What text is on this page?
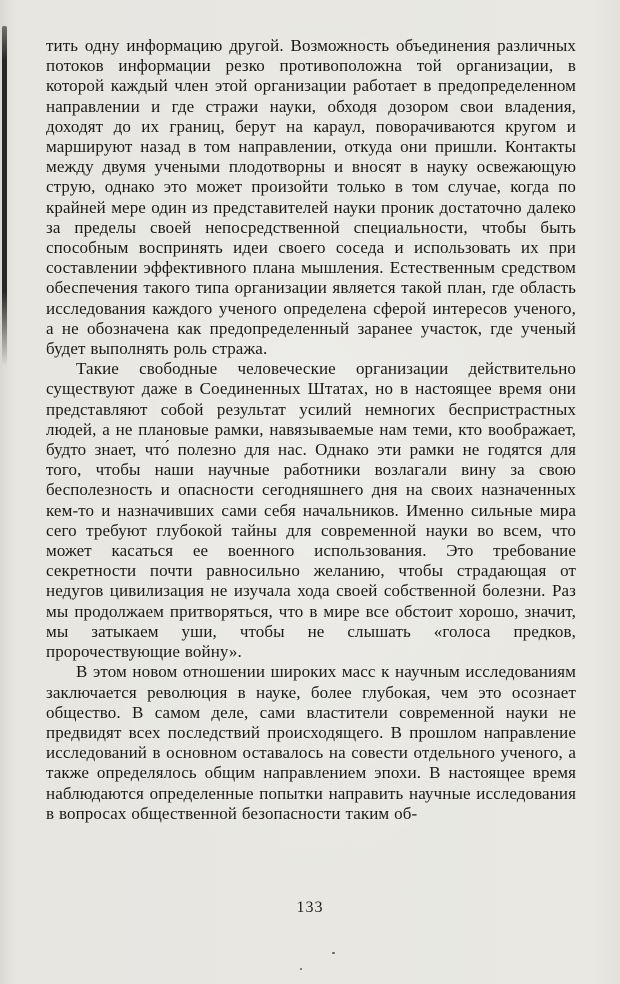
тить одну информацию другой. Возможность объединения различных потоков информации резко противоположна той организации, в которой каждый член этой организации работает в предопределенном направлении и где стражи науки, обходя дозором свои владения, доходят до их границ, берут на караул, поворачиваются кругом и маршируют назад в том направлении, откуда они пришли. Контакты между двумя учеными плодотворны и вносят в науку освежающую струю, однако это может произойти только в том случае, когда по крайней мере один из представителей науки проник достаточно далеко за пределы своей непосредственной специальности, чтобы быть способным воспринять идеи своего соседа и использовать их при составлении эффективного плана мышления. Естественным средством обеспечения такого типа организации является такой план, где область исследования каждого ученого определена сферой интересов ученого, а не обозначена как предопределенный заранее участок, где ученый будет выполнять роль стража.

Такие свободные человеческие организации действительно существуют даже в Соединенных Штатах, но в настоящее время они представляют собой результат усилий немногих беспристрастных людей, а не плановые рамки, навязываемые нам теми, кто воображает, будто знает, что́ полезно для нас. Однако эти рамки не годятся для того, чтобы наши научные работники возлагали вину за свою бесполезность и опасности сегодняшнего дня на своих назначенных кем-то и назначивших сами себя начальников. Именно сильные мира сего требуют глубокой тайны для современной науки во всем, что может касаться ее военного использования. Это требование секретности почти равносильно желанию, чтобы страдающая от недугов цивилизация не изучала хода своей собственной болезни. Раз мы продолжаем притворяться, что в мире все обстоит хорошо, значит, мы затыкаем уши, чтобы не слышать «голоса предков, пророчествующие войну».

В этом новом отношении широких масс к научным исследованиям заключается революция в науке, более глубокая, чем это осознает общество. В самом деле, сами властители современной науки не предвидят всех последствий происходящего. В прошлом направление исследований в основном оставалось на совести отдельного ученого, а также определялось общим направлением эпохи. В настоящее время наблюдаются определенные попытки направить научные исследования в вопросах общественной безопасности таким об-

133
